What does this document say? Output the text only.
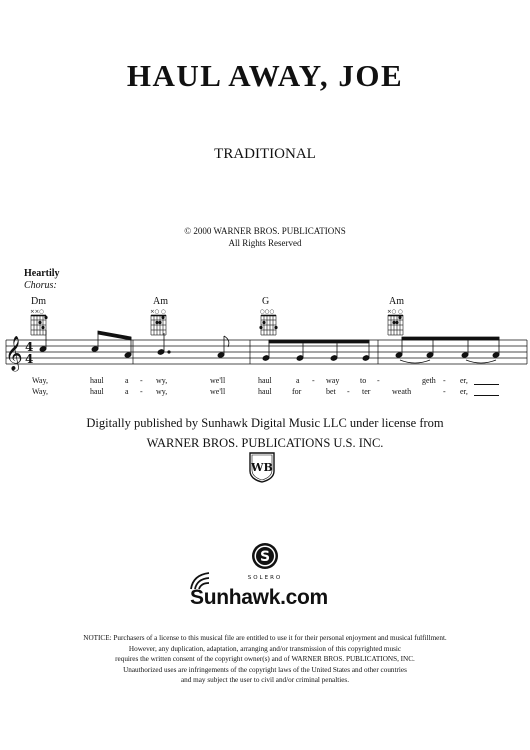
HAUL AWAY, JOE
TRADITIONAL
© 2000 WARNER BROS. PUBLICATIONS
All Rights Reserved
Heartily
Chorus:
Dm	Am	G	Am
××○	×○ ○	○○○	×○ ○
𝄞 4
4
Way,	haul	a - wy,	we'll	haul	a - way	to -	geth - er,
Way,	haul	a - wy,	we'll	haul	for	bet - ter	weath	- er,
Digitally published by Sunhawk Digital Music LLC under license from
WARNER BROS. PUBLICATIONS U.S. INC.
WB
S
SOLERO
Sunhawk.com
NOTICE: Purchasers of a license to this musical file are entitled to use it for their personal enjoyment and musical fulfillment.
However, any duplication, adaptation, arranging and/or transmission of this copyrighted music
requires the written consent of the copyright owner(s) and of WARNER BROS. PUBLICATIONS, INC.
Unauthorized uses are infringements of the copyright laws of the United States and other countries
and may subject the user to civil and/or criminal penalties.
